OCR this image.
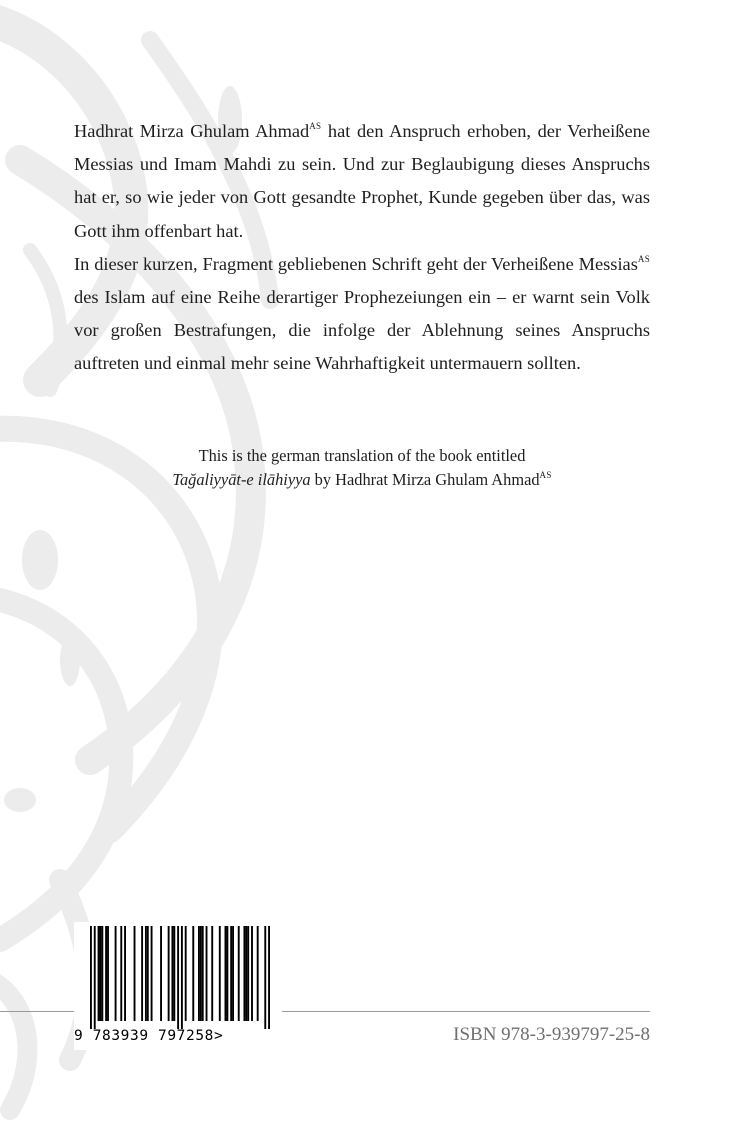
Hadhrat Mirza Ghulam Ahmad$^{AS}$ hat den Anspruch erhoben, der Verheißene Messias und Imam Mahdi zu sein. Und zur Beglaubigung dieses Anspruchs hat er, so wie jeder von Gott gesandte Prophet, Kunde gegeben über das, was Gott ihm offenbart hat.

In dieser kurzen, Fragment gebliebenen Schrift geht der Verheißene Messias$^{AS}$ des Islam auf eine Reihe derartiger Prophezeiungen ein – er warnt sein Volk vor großen Bestrafungen, die infolge der Ablehnung seines Anspruchs auftreten und einmal mehr seine Wahrhaftigkeit untermauern sollten.

This is the german translation of the book entitled
Tağaliyyāt-e ilāhiyya by Hadhrat Mirza Ghulam Ahmad$^{AS}$
9  783939  797258>	ISBN 978-3-939797-25-8
